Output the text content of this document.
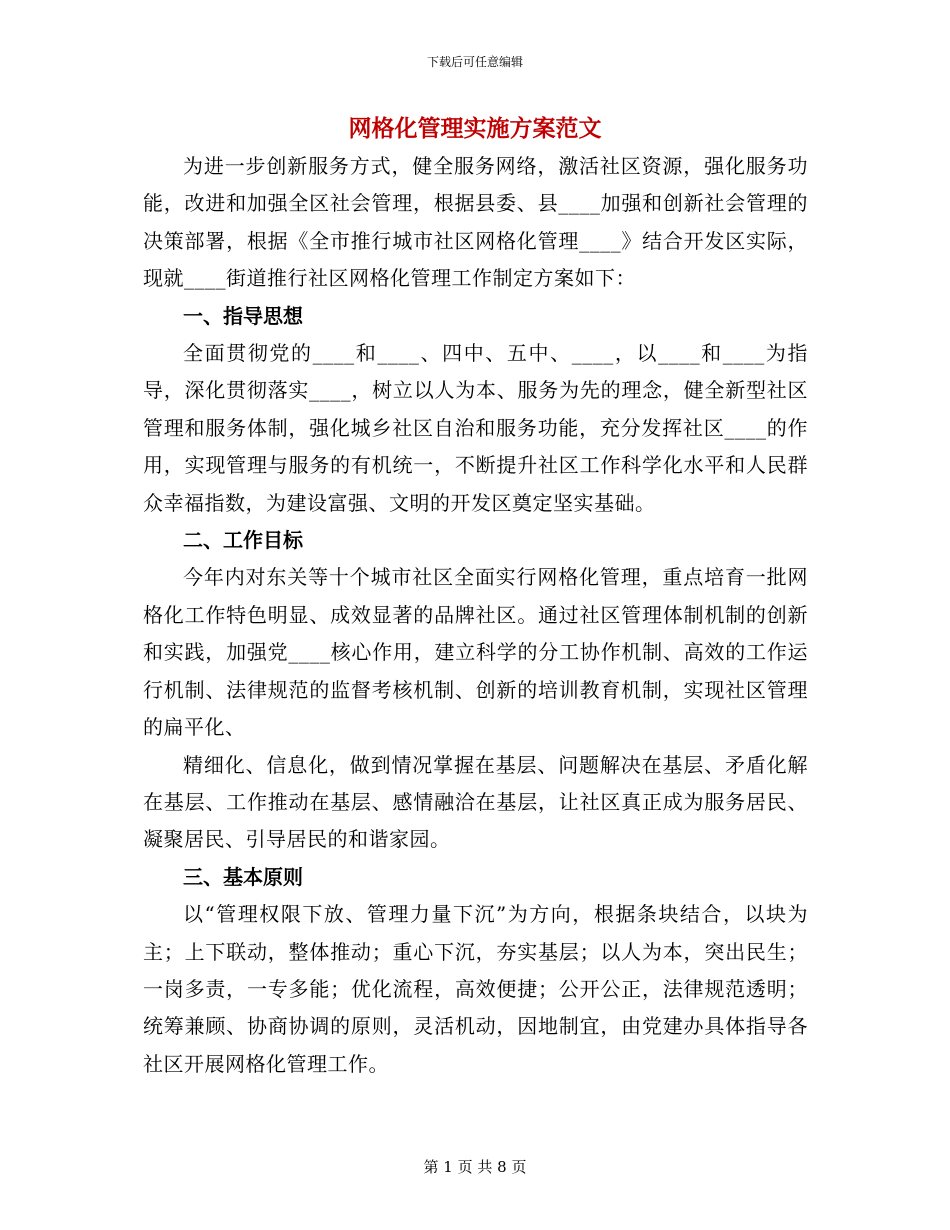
下载后可任意编辑
网格化管理实施方案范文

为进一步创新服务方式，健全服务网络，激活社区资源，强化服务功能，改进和加强全区社会管理，根据县委、县____加强和创新社会管理的决策部署，根据《全市推行城市社区网格化管理____》结合开发区实际，现就____街道推行社区网格化管理工作制定方案如下：

一、指导思想

全面贯彻党的____和____、四中、五中、____，以____和____为指导，深化贯彻落实____，树立以人为本、服务为先的理念，健全新型社区管理和服务体制，强化城乡社区自治和服务功能，充分发挥社区____的作用，实现管理与服务的有机统一，不断提升社区工作科学化水平和人民群众幸福指数，为建设富强、文明的开发区奠定坚实基础。

二、工作目标

今年内对东关等十个城市社区全面实行网格化管理，重点培育一批网格化工作特色明显、成效显著的品牌社区。通过社区管理体制机制的创新和实践，加强党____核心作用，建立科学的分工协作机制、高效的工作运行机制、法律规范的监督考核机制、创新的培训教育机制，实现社区管理的扁平化、

精细化、信息化，做到情况掌握在基层、问题解决在基层、矛盾化解在基层、工作推动在基层、感情融洽在基层，让社区真正成为服务居民、凝聚居民、引导居民的和谐家园。

三、基本原则

以“管理权限下放、管理力量下沉”为方向，根据条块结合，以块为主；上下联动，整体推动；重心下沉，夯实基层；以人为本，突出民生；一岗多责，一专多能；优化流程，高效便捷；公开公正，法律规范透明；统筹兼顾、协商协调的原则，灵活机动，因地制宜，由党建办具体指导各社区开展网格化管理工作。

第 1 页 共 8 页
